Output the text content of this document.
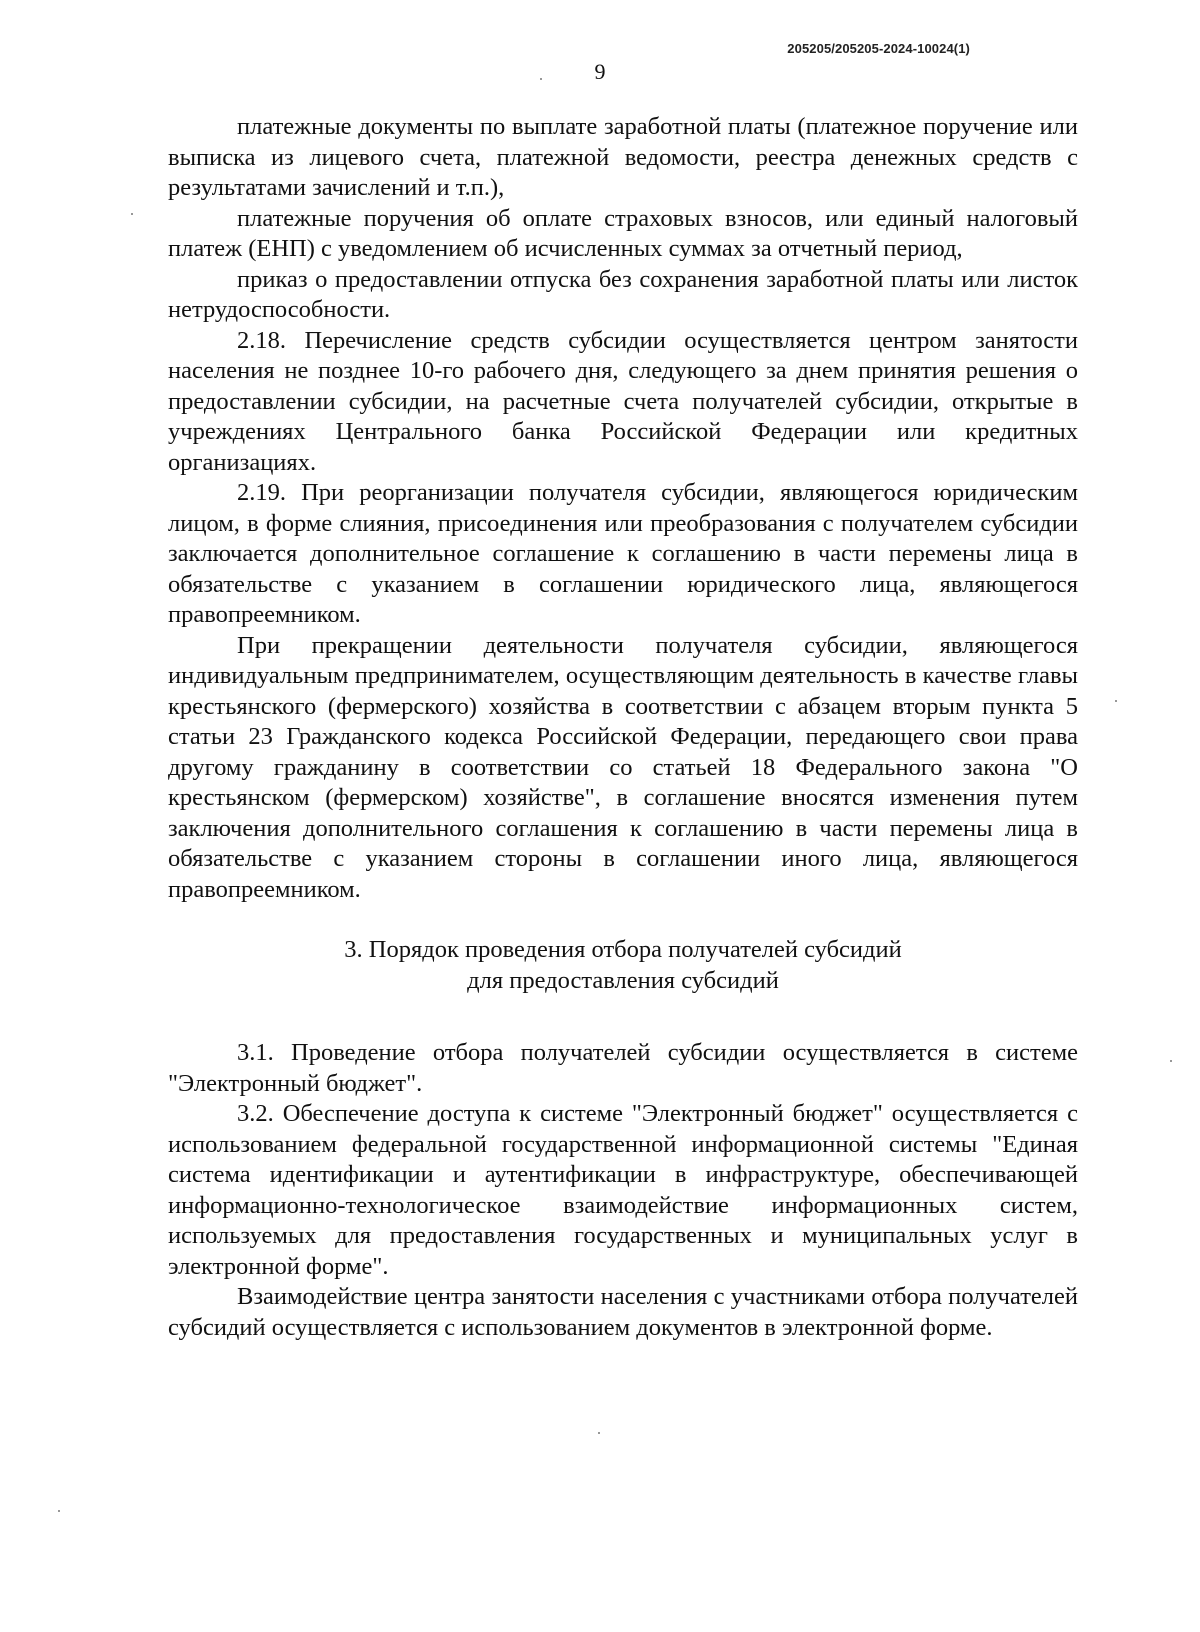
205205/205205-2024-10024(1)
9

платежные документы по выплате заработной платы (платежное поручение или выписка из лицевого счета, платежной ведомости, реестра денежных средств с результатами зачислений и т.п.),

платежные поручения об оплате страховых взносов, или единый налоговый платеж (ЕНП) с уведомлением об исчисленных суммах за отчетный период,

приказ о предоставлении отпуска без сохранения заработной платы или листок нетрудоспособности.

2.18. Перечисление средств субсидии осуществляется центром занятости населения не позднее 10-го рабочего дня, следующего за днем принятия решения о предоставлении субсидии, на расчетные счета получателей субсидии, открытые в учреждениях Центрального банка Российской Федерации или кредитных организациях.

2.19. При реорганизации получателя субсидии, являющегося юридическим лицом, в форме слияния, присоединения или преобразования с получателем субсидии заключается дополнительное соглашение к соглашению в части перемены лица в обязательстве с указанием в соглашении юридического лица, являющегося правопреемником.

При прекращении деятельности получателя субсидии, являющегося индивидуальным предпринимателем, осуществляющим деятельность в качестве главы крестьянского (фермерского) хозяйства в соответствии с абзацем вторым пункта 5 статьи 23 Гражданского кодекса Российской Федерации, передающего свои права другому гражданину в соответствии со статьей 18 Федерального закона "О крестьянском (фермерском) хозяйстве", в соглашение вносятся изменения путем заключения дополнительного соглашения к соглашению в части перемены лица в обязательстве с указанием стороны в соглашении иного лица, являющегося правопреемником.

3. Порядок проведения отбора получателей субсидий
для предоставления субсидий

3.1. Проведение отбора получателей субсидии осуществляется в системе "Электронный бюджет".

3.2. Обеспечение доступа к системе "Электронный бюджет" осуществляется с использованием федеральной государственной информационной системы "Единая система идентификации и аутентификации в инфраструктуре, обеспечивающей информационно-технологическое взаимодействие информационных систем, используемых для предоставления государственных и муниципальных услуг в электронной форме".

Взаимодействие центра занятости населения с участниками отбора получателей субсидий осуществляется с использованием документов в электронной форме.
